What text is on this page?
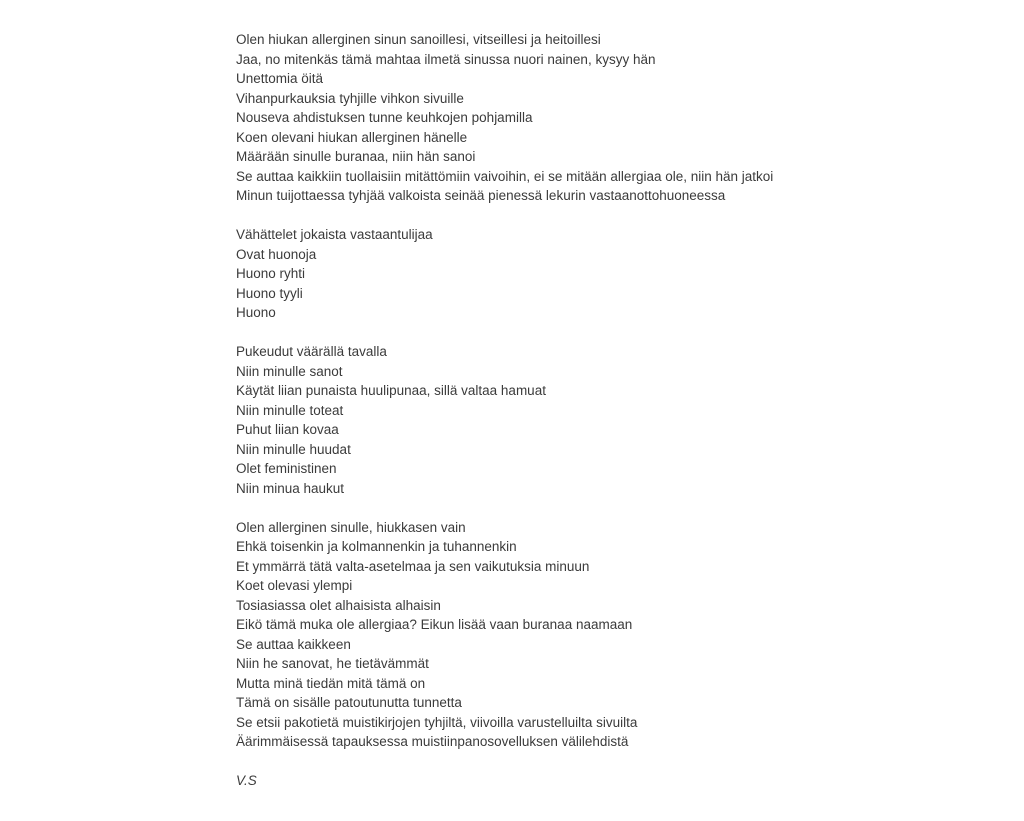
Olen hiukan allerginen sinun sanoillesi, vitseillesi ja heitoillesi
Jaa, no mitenkäs tämä mahtaa ilmetä sinussa nuori nainen, kysyy hän
Unettomia öitä
Vihanpurkauksia tyhjille vihkon sivuille
Nouseva ahdistuksen tunne keuhkojen pohjamilla
Koen olevani hiukan allerginen hänelle
Määrään sinulle buranaa, niin hän sanoi
Se auttaa kaikkiin tuollaisiin mitättömiin vaivoihin, ei se mitään allergiaa ole, niin hän jatkoi
Minun tuijottaessa tyhjää valkoista seinää pienessä lekurin vastaanottohuoneessa
Vähättelet jokaista vastaantulijaa
Ovat huonoja
Huono ryhti
Huono tyyli
Huono
Pukeudut väärällä tavalla
Niin minulle sanot
Käytät liian punaista huulipunaa, sillä valtaa hamuat
Niin minulle toteat
Puhut liian kovaa
Niin minulle huudat
Olet feministinen
Niin minua haukut
Olen allerginen sinulle, hiukkasen vain
Ehkä toisenkin ja kolmannenkin ja tuhannenkin
Et ymmärrä tätä valta-asetelmaa ja sen vaikutuksia minuun
Koet olevasi ylempi
Tosiasiassa olet alhaisista alhaisin
Eikö tämä muka ole allergiaa? Eikun lisää vaan buranaa naamaan
Se auttaa kaikkeen
Niin he sanovat, he tietävämmät
Mutta minä tiedän mitä tämä on
Tämä on sisälle patoutunutta tunnetta
Se etsii pakotietä muistikirjojen tyhjiltä, viivoilla varustelluilta sivuilta
Äärimmäisessä tapauksessa muistiinpanosovelluksen välilehdistä
V.S
